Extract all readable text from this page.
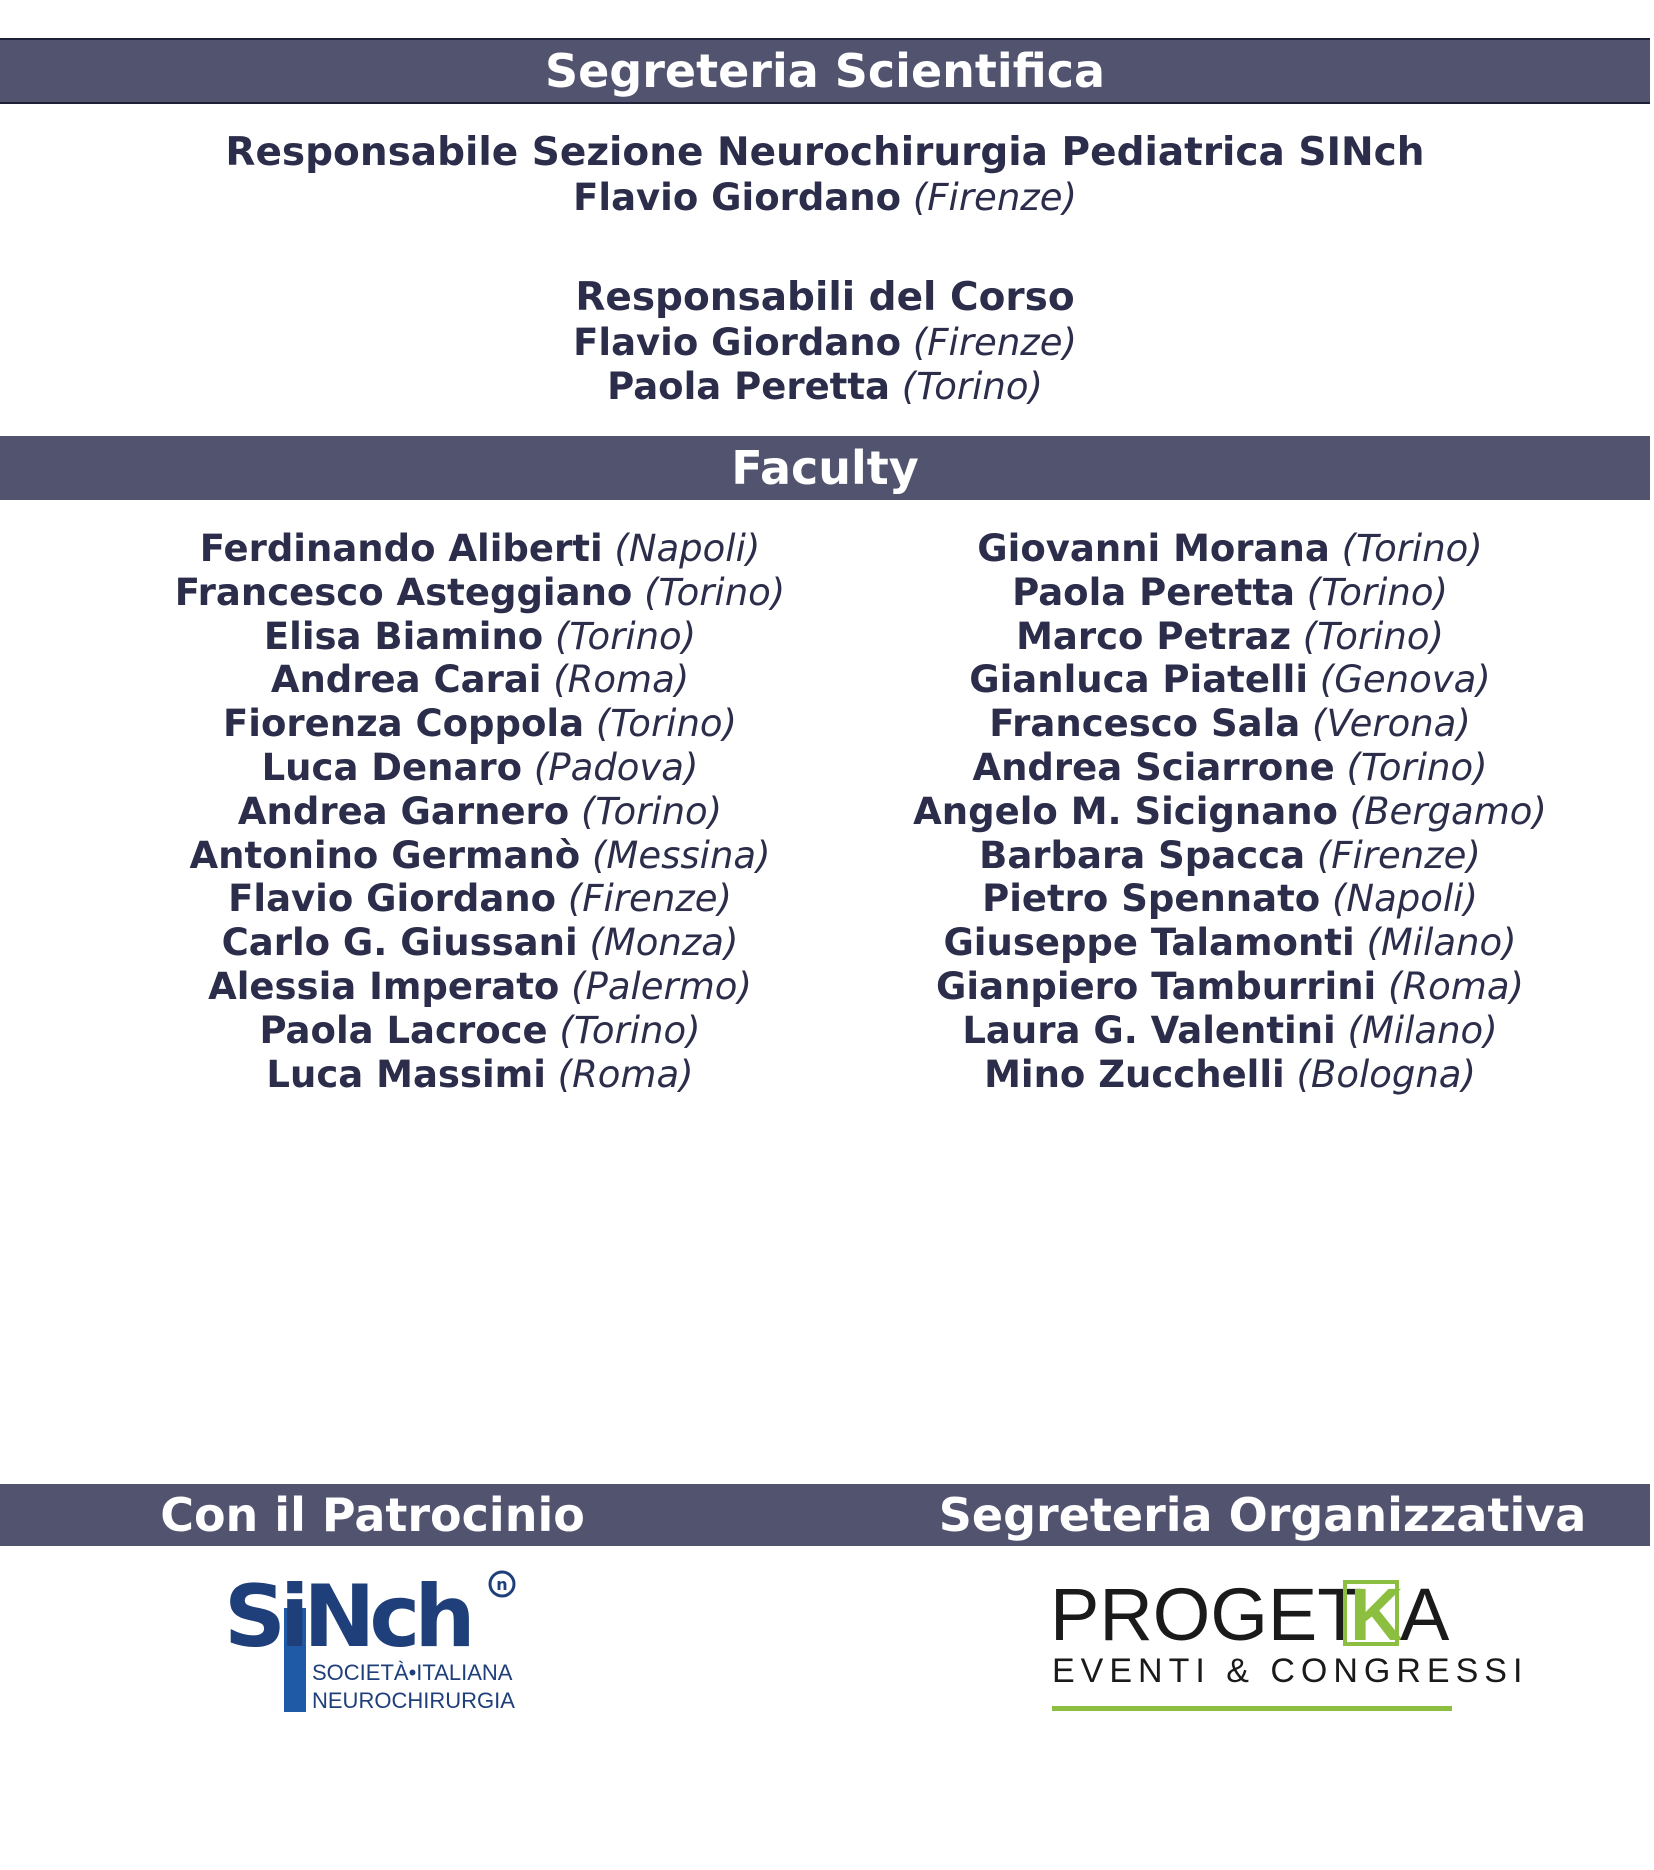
Segreteria Scientifica
Responsabile Sezione Neurochirurgia Pediatrica SINch
Flavio Giordano (Firenze)
Responsabili del Corso
Flavio Giordano (Firenze)
Paola Peretta (Torino)
Faculty
Ferdinando Aliberti (Napoli)
Francesco Asteggiano (Torino)
Elisa Biamino (Torino)
Andrea Carai (Roma)
Fiorenza Coppola (Torino)
Luca Denaro (Padova)
Andrea Garnero (Torino)
Antonino Germanò (Messina)
Flavio Giordano (Firenze)
Carlo G. Giussani (Monza)
Alessia Imperato (Palermo)
Paola Lacroce (Torino)
Luca Massimi (Roma)
Giovanni Morana (Torino)
Paola Peretta (Torino)
Marco Petraz (Torino)
Gianluca Piatelli (Genova)
Francesco Sala (Verona)
Andrea Sciarrone (Torino)
Angelo M. Sicignano (Bergamo)
Barbara Spacca (Firenze)
Pietro Spennato (Napoli)
Giuseppe Talamonti (Milano)
Gianpiero Tamburrini (Roma)
Laura G. Valentini (Milano)
Mino Zucchelli (Bologna)
Con il Patrocinio	Segreteria Organizzativa
SiNch n
SOCIETÀ•ITALIANA
NEUROCHIRURGIA
PROGET
K
A
EVENTI & CONGRESSI
